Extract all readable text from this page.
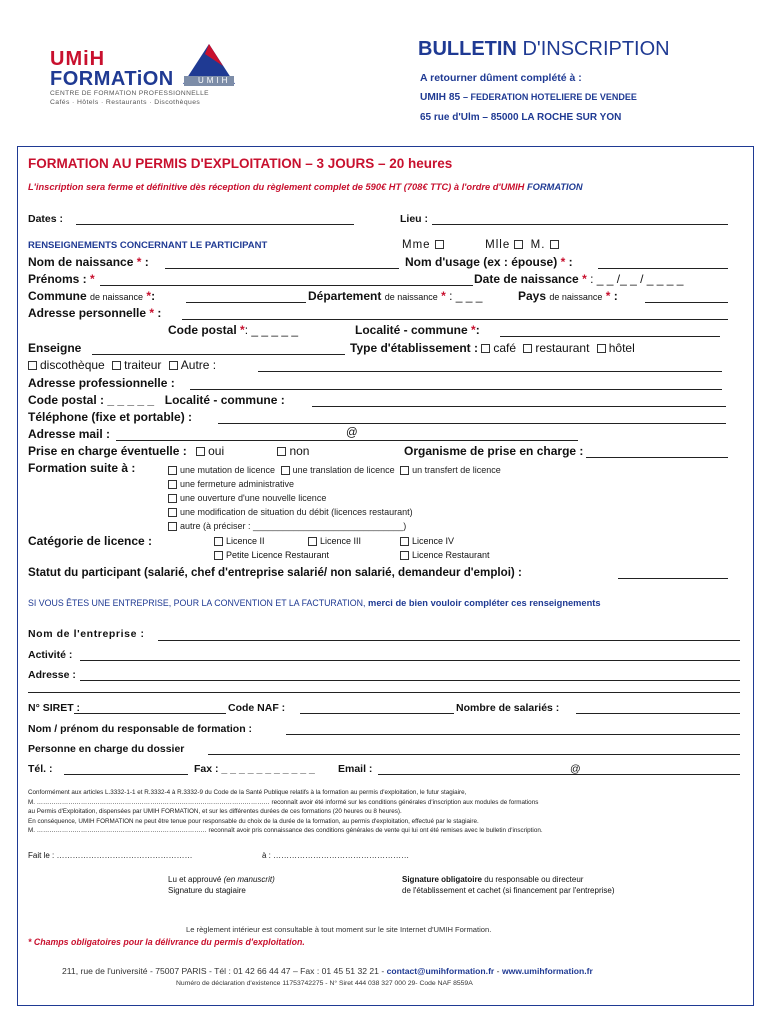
UMiH
FORMATiON	UMIH
CENTRE DE FORMATION PROFESSIONNELLE
Cafés · Hôtels · Restaurants · Discothèques
BULLETIN D'INSCRIPTION
A retourner dûment complété à :
UMIH 85 – FEDERATION HOTELIERE DE VENDEE
65 rue d'Ulm – 85000 LA ROCHE SUR YON
FORMATION AU PERMIS D'EXPLOITATION – 3 JOURS – 20 heures
L'inscription sera ferme et définitive dès réception du règlement complet de 590€ HT (708€ TTC) à l'ordre d'UMIH FORMATION
Dates :	Lieu :
RENSEIGNEMENTS CONCERNANT LE PARTICIPANT	Mme	Mlle M.
Nom de naissance * :	Nom d'usage (ex : épouse) * :
Prénoms : *	Date de naissance * : _ _ /_ _ / _ _ _ _
Commune de naissance *:	Département de naissance * : _ _ _	Pays de naissance * :
Adresse personnelle * :
Code postal *: _ _ _ _ _	Localité - commune *:
Enseigne	Type d'établissement : café restaurant hôtel
discothèque traiteur Autre :
Adresse professionnelle :
Code postal : _ _ _ _ _ Localité - commune :
Téléphone (fixe et portable) :
Adresse mail :	@
Prise en charge éventuelle : oui	non	Organisme de prise en charge :
Formation suite à :	une mutation de licence une translation de licence un transfert de licence
une fermeture administrative
une ouverture d'une nouvelle licence
une modification de situation du débit (licences restaurant)
autre (à préciser : ______________________________)
Catégorie de licence :	Licence II	Licence III	Licence IV
Petite Licence Restaurant	Licence Restaurant
Statut du participant (salarié, chef d'entreprise salarié/ non salarié, demandeur d'emploi) :
SI VOUS ÊTES UNE ENTREPRISE, POUR LA CONVENTION ET LA FACTURATION, merci de bien vouloir compléter ces renseignements
Nom de l'entreprise :
Activité :
Adresse :
N° SIRET :	Code NAF :	Nombre de salariés :
Nom / prénom du responsable de formation :
Personne en charge du dossier
Tél. :	Fax : _ _ _ _ _ _ _ _ _ _ _ Email :	@
Conformément aux articles L.3332-1-1 et R.3332-4 à R.3332-9 du Code de la Santé Publique relatifs à la formation au permis d'exploitation, le futur stagiaire,
M. ………………………………………………………………………………………………… reconnaît avoir été informé sur les conditions générales d'inscription aux modules de formations
au Permis d'Exploitation, dispensées par UMIH FORMATION, et sur les différentes durées de ces formations (20 heures ou 8 heures).
En conséquence, UMIH FORMATION ne peut être tenue pour responsable du choix de la durée de la formation, au permis d'exploitation, effectué par le stagiaire.
M. ……………………………………………………………………… reconnaît avoir pris connaissance des conditions générales de vente qui lui ont été remises avec le bulletin d'inscription.
Fait le : ……………………………………………	à : ……………………………………………
Lu et approuvé (en manuscrit)
Signature du stagiaire
Signature obligatoire du responsable ou directeur
de l'établissement et cachet (si financement par l'entreprise)
Le règlement intérieur est consultable à tout moment sur le site Internet d'UMIH Formation.
* Champs obligatoires pour la délivrance du permis d'exploitation.
211, rue de l'université - 75007 PARIS - Tél : 01 42 66 44 47 – Fax : 01 45 51 32 21 - contact@umihformation.fr - www.umihformation.fr
Numéro de déclaration d'existence 11753742275 - N° Siret 444 038 327 000 29- Code NAF 8559A
